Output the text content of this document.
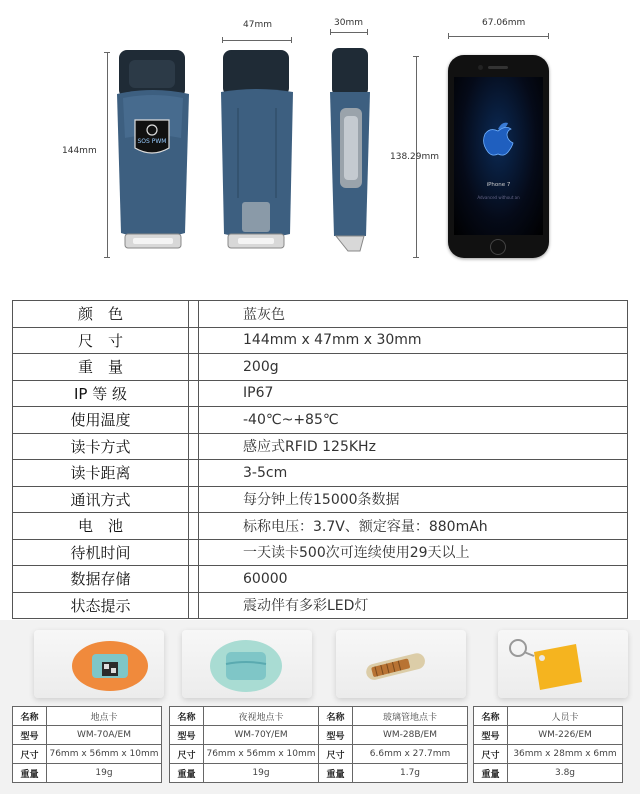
144mm
SOS PWM
47mm	30mm
138.29mm
67.06mm
iPhone 7
Advanced without an
颜　色		蓝灰色
尺　寸		144mm x 47mm x 30mm
重　量		200g
IP 等 级		IP67
使用温度		-40℃~+85℃
读卡方式		感应式RFID 125KHz
读卡距离		3-5cm
通讯方式		每分钟上传15000条数据
电　池		标称电压：3.7V、额定容量：880mAh
待机时间		一天读卡500次可连续使用29天以上
数据存储		60000
状态提示		震动伴有多彩LED灯
名称	地点卡
型号	WM-70A/EM
尺寸	76mm x 56mm x 10mm
重量	19g
名称	夜视地点卡
型号	WM-70Y/EM
尺寸	76mm x 56mm x 10mm
重量	19g
名称	玻璃管地点卡
型号	WM-28B/EM
尺寸	6.6mm x 27.7mm
重量	1.7g
名称	人员卡
型号	WM-226/EM
尺寸	36mm x 28mm x 6mm
重量	3.8g
